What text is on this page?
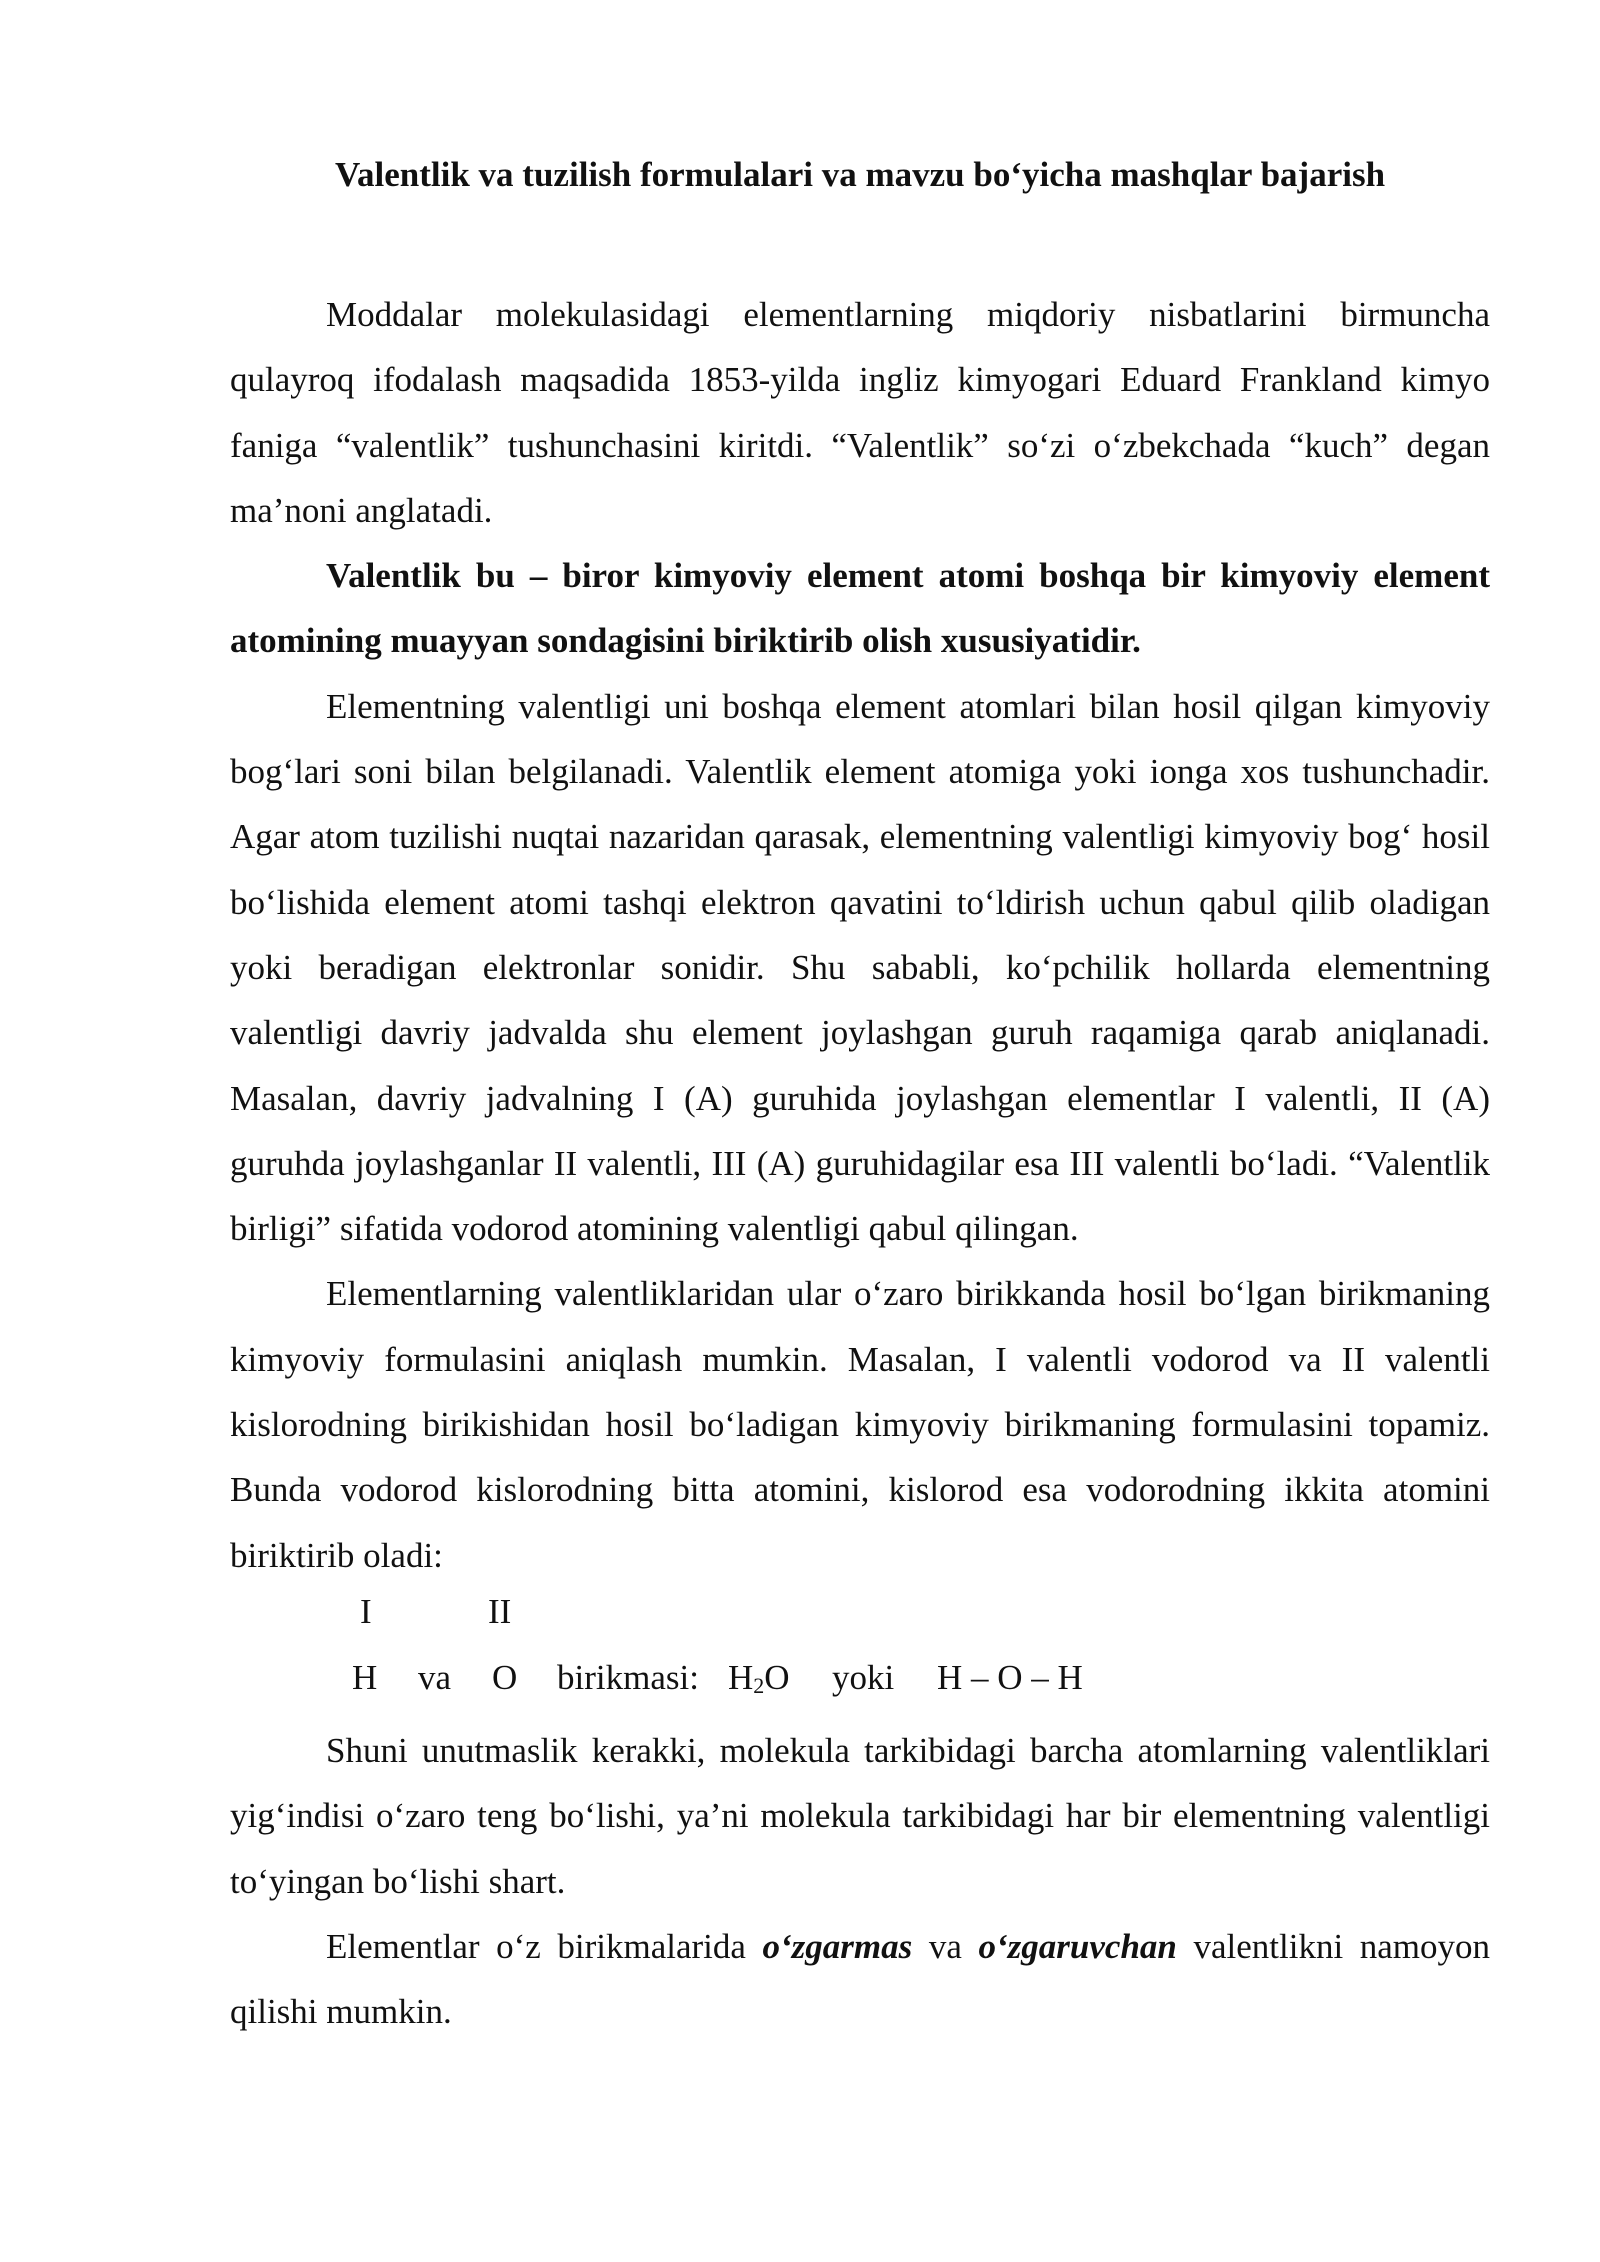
Valentlik va tuzilish formulalari va mavzu bo‘yicha mashqlar bajarish

Moddalar molekulasidagi elementlarning miqdoriy nisbatlarini birmuncha qulayroq ifodalash maqsadida 1853-yilda ingliz kimyogari Eduard Frankland kimyo faniga “valentlik” tushunchasini kiritdi. “Valentlik” so‘zi o‘zbekchada “kuch” degan ma’noni anglatadi.

Valentlik bu – biror kimyoviy element atomi boshqa bir kimyoviy element atomining muayyan sondagisini biriktirib olish xususiyatidir.

Elementning valentligi uni boshqa element atomlari bilan hosil qilgan kimyoviy bog‘lari soni bilan belgilanadi. Valentlik element atomiga yoki ionga xos tushunchadir. Agar atom tuzilishi nuqtai nazaridan qarasak, elementning valentligi kimyoviy bog‘ hosil bo‘lishida element atomi tashqi elektron qavatini to‘ldirish uchun qabul qilib oladigan yoki beradigan elektronlar sonidir. Shu sababli, ko‘pchilik hollarda elementning valentligi davriy jadvalda shu element joylashgan guruh raqamiga qarab aniqlanadi. Masalan, davriy jadvalning I (A) guruhida joylashgan elementlar I valentli, II (A) guruhda joylashganlar II valentli, III (A) guruhidagilar esa III valentli bo‘ladi. “Valentlik birligi” sifatida vodorod atomining valentligi qabul qilingan.

Elementlarning valentliklaridan ular o‘zaro birikkanda hosil bo‘lgan birikmaning kimyoviy formulasini aniqlash mumkin. Masalan, I valentli vodorod va II valentli kislorodning birikishidan hosil bo‘ladigan kimyoviy birikmaning formulasini topamiz. Bunda vodorod kislorodning bitta atomini, kislorod esa vodorodning ikkita atomini biriktirib oladi:

I	II
H va O birikmasi: $H_2O$ yoki H – O – H

Shuni unutmaslik kerakki, molekula tarkibidagi barcha atomlarning valentliklari yig‘indisi o‘zaro teng bo‘lishi, ya’ni molekula tarkibidagi har bir elementning valentligi to‘yingan bo‘lishi shart.

Elementlar o‘z birikmalarida o‘zgarmas va o‘zgaruvchan valentlikni namoyon qilishi mumkin.
